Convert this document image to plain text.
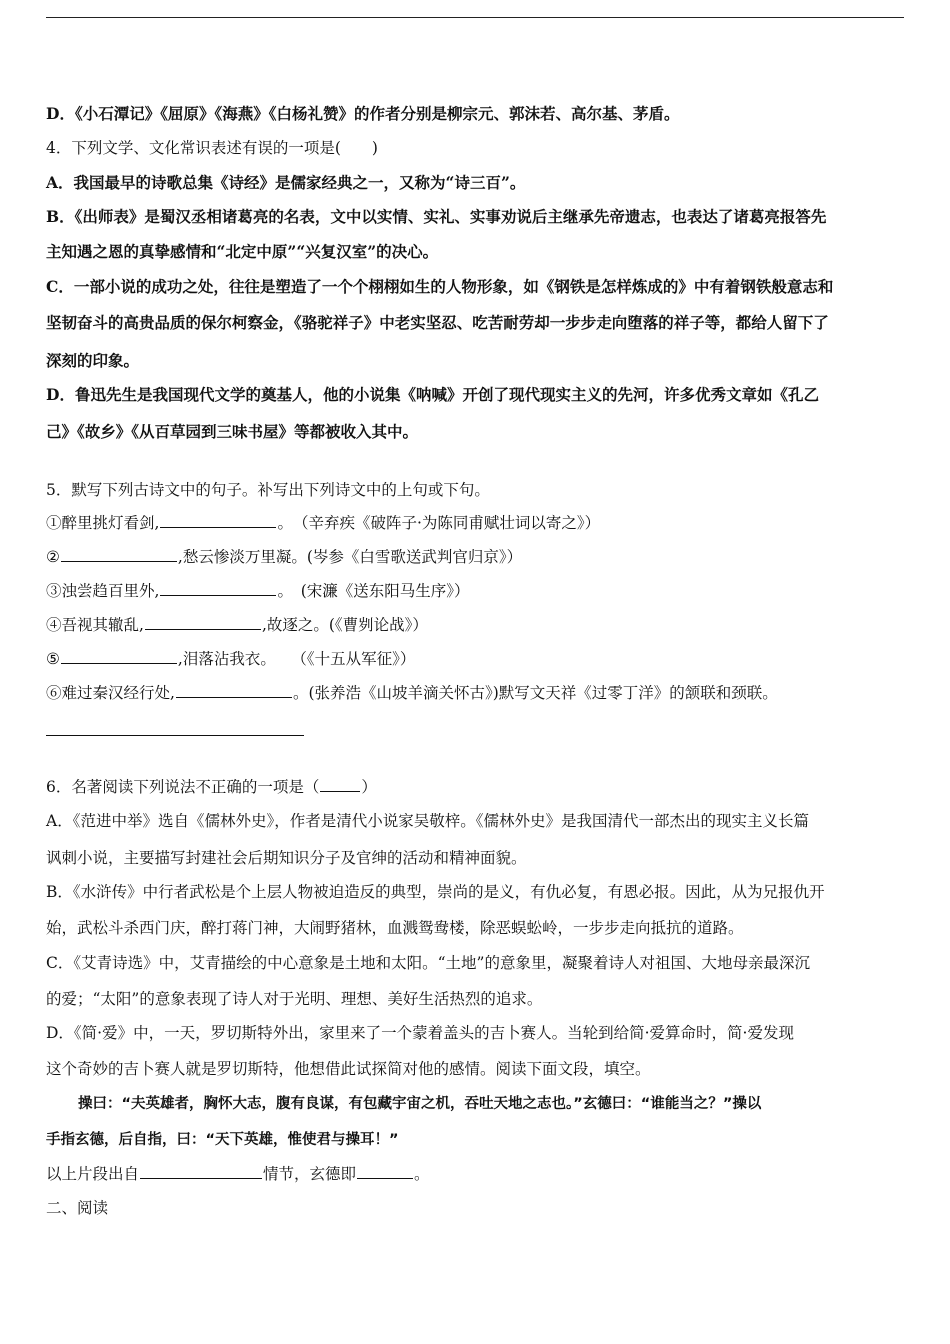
D．《小石潭记》《屈原》《海燕》《白杨礼赞》的作者分别是柳宗元、郭沫若、高尔基、茅盾。
4．下列文学、文化常识表述有误的一项是(　　)
A．我国最早的诗歌总集《诗经》是儒家经典之一，又称为“诗三百”。
B．《出师表》是蜀汉丞相诸葛亮的名表，文中以实情、实礼、实事劝说后主继承先帝遗志，也表达了诸葛亮报答先
主知遇之恩的真挚感情和“北定中原”“兴复汉室”的决心。
C．一部小说的成功之处，往往是塑造了一个个栩栩如生的人物形象，如《钢铁是怎样炼成的》中有着钢铁般意志和
坚韧奋斗的高贵品质的保尔柯察金，《骆驼祥子》中老实坚忍、吃苦耐劳却一步步走向堕落的祥子等，都给人留下了
深刻的印象。
D．鲁迅先生是我国现代文学的奠基人，他的小说集《呐喊》开创了现代现实主义的先河，许多优秀文章如《孔乙
己》《故乡》《从百草园到三味书屋》等都被收入其中。
5．默写下列古诗文中的句子。补写出下列诗文中的上句或下句。
①醉里挑灯看剑,	。　（辛弃疾《破阵子·为陈同甫赋壮词以寄之》）
②	,愁云惨淡万里凝。(岑参《白雪歌送武判官归京》）
③浊尝趋百里外,	。　(宋濂《送东阳马生序》）
④吾视其辙乱,	,故逐之。(《曹刿论战》）
⑤	,泪落沾我衣。　　（《十五从军征》）
⑥难过秦汉经行处,	。(张养浩《山坡羊滴关怀古》)默写文天祥《过零丁洋》的颔联和颈联。
6．名著阅读下列说法不正确的一项是（	）
A．《范进中举》选自《儒林外史》，作者是清代小说家吴敬梓。《儒林外史》是我国清代一部杰出的现实主义长篇
讽刺小说，主要描写封建社会后期知识分子及官绅的活动和精神面貌。
B．《水浒传》中行者武松是个上层人物被迫造反的典型，崇尚的是义，有仇必复，有恩必报。因此，从为兄报仇开
始，武松斗杀西门庆，醉打蒋门神，大闹野猪林，血溅鸳鸯楼，除恶蜈蚣岭，一步步走向抵抗的道路。
C．《艾青诗选》中，艾青描绘的中心意象是土地和太阳。“土地”的意象里，凝聚着诗人对祖国、大地母亲最深沉
的爱；“太阳”的意象表现了诗人对于光明、理想、美好生活热烈的追求。
D．《简·爱》中，一天，罗切斯特外出，家里来了一个蒙着盖头的吉卜赛人。当轮到给简·爱算命时，简·爱发现
这个奇妙的吉卜赛人就是罗切斯特，他想借此试探简对他的感情。阅读下面文段，填空。
操曰：“夫英雄者，胸怀大志，腹有良谋，有包藏宇宙之机，吞吐天地之志也。”玄德曰：“谁能当之？”操以
手指玄德，后自指，曰：“天下英雄，惟使君与操耳！”
以上片段出自	情节，玄德即	。
二、阅读
